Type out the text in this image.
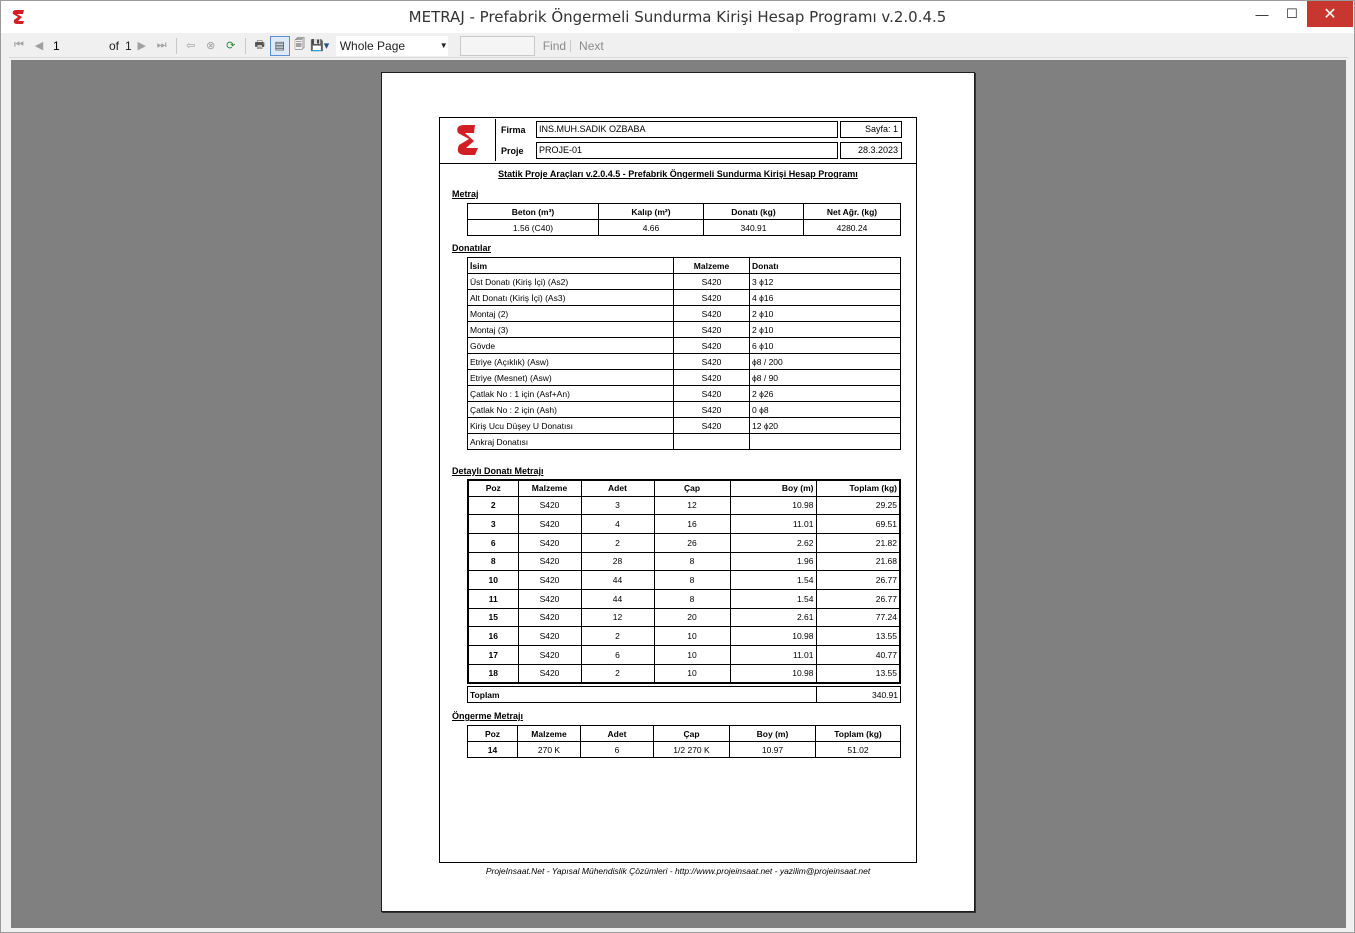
METRAJ - Prefabrik Öngermeli Sundurma Kirişi Hesap Programı v.2.0.4.5	—	☐	✕
⏮ ◀
1	of 1 ▶ ⏭	⇦ ⊗ ⟳	🖶 ▤ 🗐 💾▾ Whole Page	▼	Find Next
Firma	INS.MUH.SADIK OZBABA	Sayfa: 1
Proje	PROJE-01	28.3.2023
Statik Proje Araçları v.2.0.4.5 - Prefabrik Öngermeli Sundurma Kirişi Hesap Programı
Metraj
Beton (m³)	Kalıp (m²)	Donatı (kg)	Net Ağr. (kg)
1.56 (C40)	4.66	340.91	4280.24
Donatılar
İsim	Malzeme	Donatı
Üst Donatı (Kiriş İçi) (As2)	S420	3 ϕ12
Alt Donatı (Kiriş İçi) (As3)	S420	4 ϕ16
Montaj (2)	S420	2 ϕ10
Montaj (3)	S420	2 ϕ10
Gövde	S420	6 ϕ10
Etriye (Açıklık) (Asw)	S420	ϕ8 / 200
Etriye (Mesnet) (Asw)	S420	ϕ8 / 90
Çatlak No : 1 için (Asf+An)	S420	2 ϕ26
Çatlak No : 2 için (Ash)	S420	0 ϕ8
Kiriş Ucu Düşey U Donatısı	S420	12 ϕ20
Ankraj Donatısı		
Detaylı Donatı Metrajı
Poz	Malzeme	Adet	Çap	Boy (m)	Toplam (kg)
2	S420	3	12	10.98	29.25
3	S420	4	16	11.01	69.51
6	S420	2	26	2.62	21.82
8	S420	28	8	1.96	21.68
10	S420	44	8	1.54	26.77
11	S420	44	8	1.54	26.77
15	S420	12	20	2.61	77.24
16	S420	2	10	10.98	13.55
17	S420	6	10	11.01	40.77
18	S420	2	10	10.98	13.55
Toplam	340.91
Öngerme Metrajı
Poz	Malzeme	Adet	Çap	Boy (m)	Toplam (kg)
14	270 K	6	1/2 270 K	10.97	51.02
ProjeInsaat.Net - Yapısal Mühendislik Çözümleri - http://www.projeinsaat.net - yazilim@projeinsaat.net
